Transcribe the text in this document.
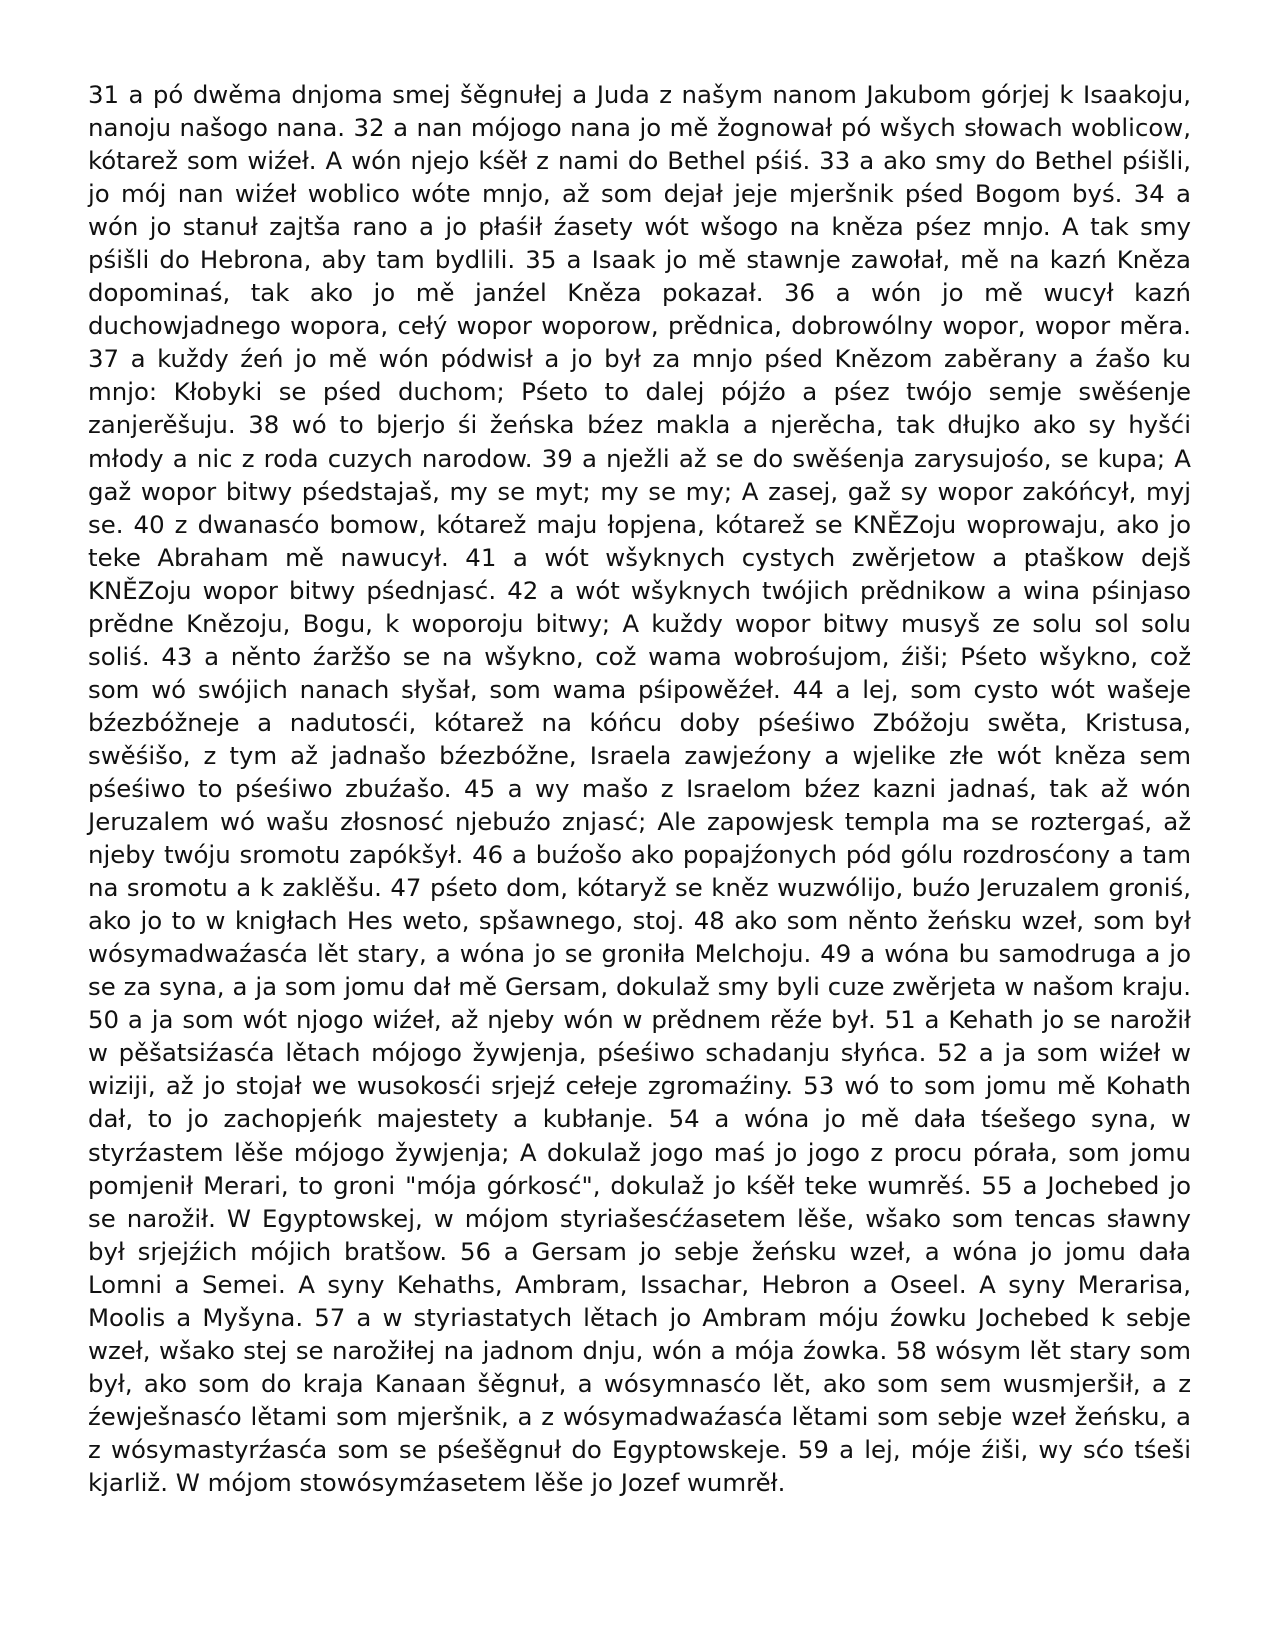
31 a pó dwěma dnjoma smej šěgnułej a Juda z našym nanom Jakubom górjej k Isaakoju, nanoju našogo nana. 32 a nan mójogo nana jo mě žognował pó wšych słowach woblicow, kótarež som wiźeł. A wón njejo kśěł z nami do Bethel pśiś. 33 a ako smy do Bethel pśišli, jo mój nan wiźeł woblico wóte mnjo, až som dejał jeje mjeršnik pśed Bogom byś. 34 a wón jo stanuł zajtša rano a jo płaśił źasety wót wšogo na kněza pśez mnjo. A tak smy pśišli do Hebrona, aby tam bydlili. 35 a Isaak jo mě stawnje zawołał, mě na kazń Kněza dopominaś, tak ako jo mě janźel Kněza pokazał. 36 a wón jo mě wucył kazń duchowjadnego wopora, cełý wopor woporow, prědnica, dobrowólny wopor, wopor měra. 37 a kuždy źeń jo mě wón pódwisł a jo był za mnjo pśed Knězom zaběrany a źašo ku mnjo: Kłobyki se pśed duchom; Pśeto to dalej pójźo a pśez twójo semje swěśenje zanjerěšuju. 38 wó to bjerjo śi žeńska bźez makla a njerěcha, tak dłujko ako sy hyšći młody a nic z roda cuzych narodow. 39 a njеžli až se do swěśenja zarysujośo, se kupa; A gaž wopor bitwy pśedstajaš, my se myt; my se my; A zasej, gaž sy wopor zakóńcył, myj se. 40 z dwanasćo bomow, kótarež maju łopjena, kótarež se KNĚZoju woprowaju, ako jo teke Abraham mě nawucył. 41 a wót wšyknych cystych zwěrjetow a ptaškow dejš KNĚZoju wopor bitwy pśednjasć. 42 a wót wšyknych twójich prědnikow a wina pśinjaso prědne Knězoju, Bogu, k woporoju bitwy; A kuždy wopor bitwy musyš ze solu sol solu soliś. 43 a něnto źaržšo se na wšykno, což wama wobrośujom, źiši; Pśeto wšykno, což som wó swójich nanach słyšał, som wama pśipowěźeł. 44 a lej, som cysto wót wašeje bźezbóžneje a nadutosći, kótarež na kóńcu doby pśeśiwo Zbóžoju swěta, Kristusa, swěśišo, z tym až jadnašo bźezbóžne, Israela zawjeźony a wjelike złe wót kněza sem pśeśiwo to pśeśiwo zbuźašo. 45 a wy mašo z Israelom bźez kazni jadnaś, tak až wón Jeruzalem wó wašu złosnosć njebuźo znjasć; Ale zapowjesk templa ma se roztergaś, až njeby twóju sromotu zapókšył. 46 a buźošo ako popajźonych pód gólu rozdrosćony a tam na sromotu a k zaklěšu. 47 pśeto dom, kótaryž se kněz wuzwólijo, buźo Jeruzalem groniś, ako jo to w knigłach Hes weto, spšawnego, stoj. 48 ako som něnto žeńsku wzeł, som był wósymadwaźasća lět stary, a wóna jo se groniła Melchoju. 49 a wóna bu samodruga a jo se za syna, a ja som jomu dał mě Gersam, dokulaž smy byli cuze zwěrjeta w našom kraju. 50 a ja som wót njogo wiźeł, až njeby wón w prědnem rěźe był. 51 a Kehath jo se narožił w pěšatsiźasća lětach mójogo žywjenja, pśeśiwo schadanju słyńca. 52 a ja som wiźeł w wiziji, až jo stojał we wusokosći srjejź cełeje zgromaźiny. 53 wó to som jomu mě Kohath dał, to jo zachopjeńk majestety a kubłanje. 54 a wóna jo mě dała tśešego syna, w styrźastem lěše mójogo žywjenja; A dokulaž jogo maś jo jogo z procu pórała, som jomu pomjenił Merari, to groni "mója górkosć", dokulaž jo kśěł teke wumrěś. 55 a Jochebed jo se narožił. W Egyptowskej, w mójom styriašesćźasetem lěše, wšako som tencas sławny był srjejźich mójich bratšow. 56 a Gersam jo sebje žeńsku wzeł, a wóna jo jomu dała Lomni a Semei. A syny Kehaths, Ambram, Issachar, Hebron a Oseel. A syny Merarisa, Moolis a Myšyna. 57 a w styriastatych lětach jo Ambram móju źowku Jochebed k sebje wzeł, wšako stej se narožiłej na jadnom dnju, wón a mója źowka. 58 wósym lět stary som był, ako som do kraja Kanaan šěgnuł, a wósymnasćo lět, ako som sem wusmjeršił, a z źewjеšnasćo lětami som mjeršnik, a z wósymadwaźasća lětami som sebje wzeł žeńsku, a z wósymastyrźasća som se pśešěgnuł do Egyptowskeje. 59 a lej, móje źiši, wy sćo tśeši kjarliž. W mójom stowósymźasetem lěše jo Jozef wumrěł.
